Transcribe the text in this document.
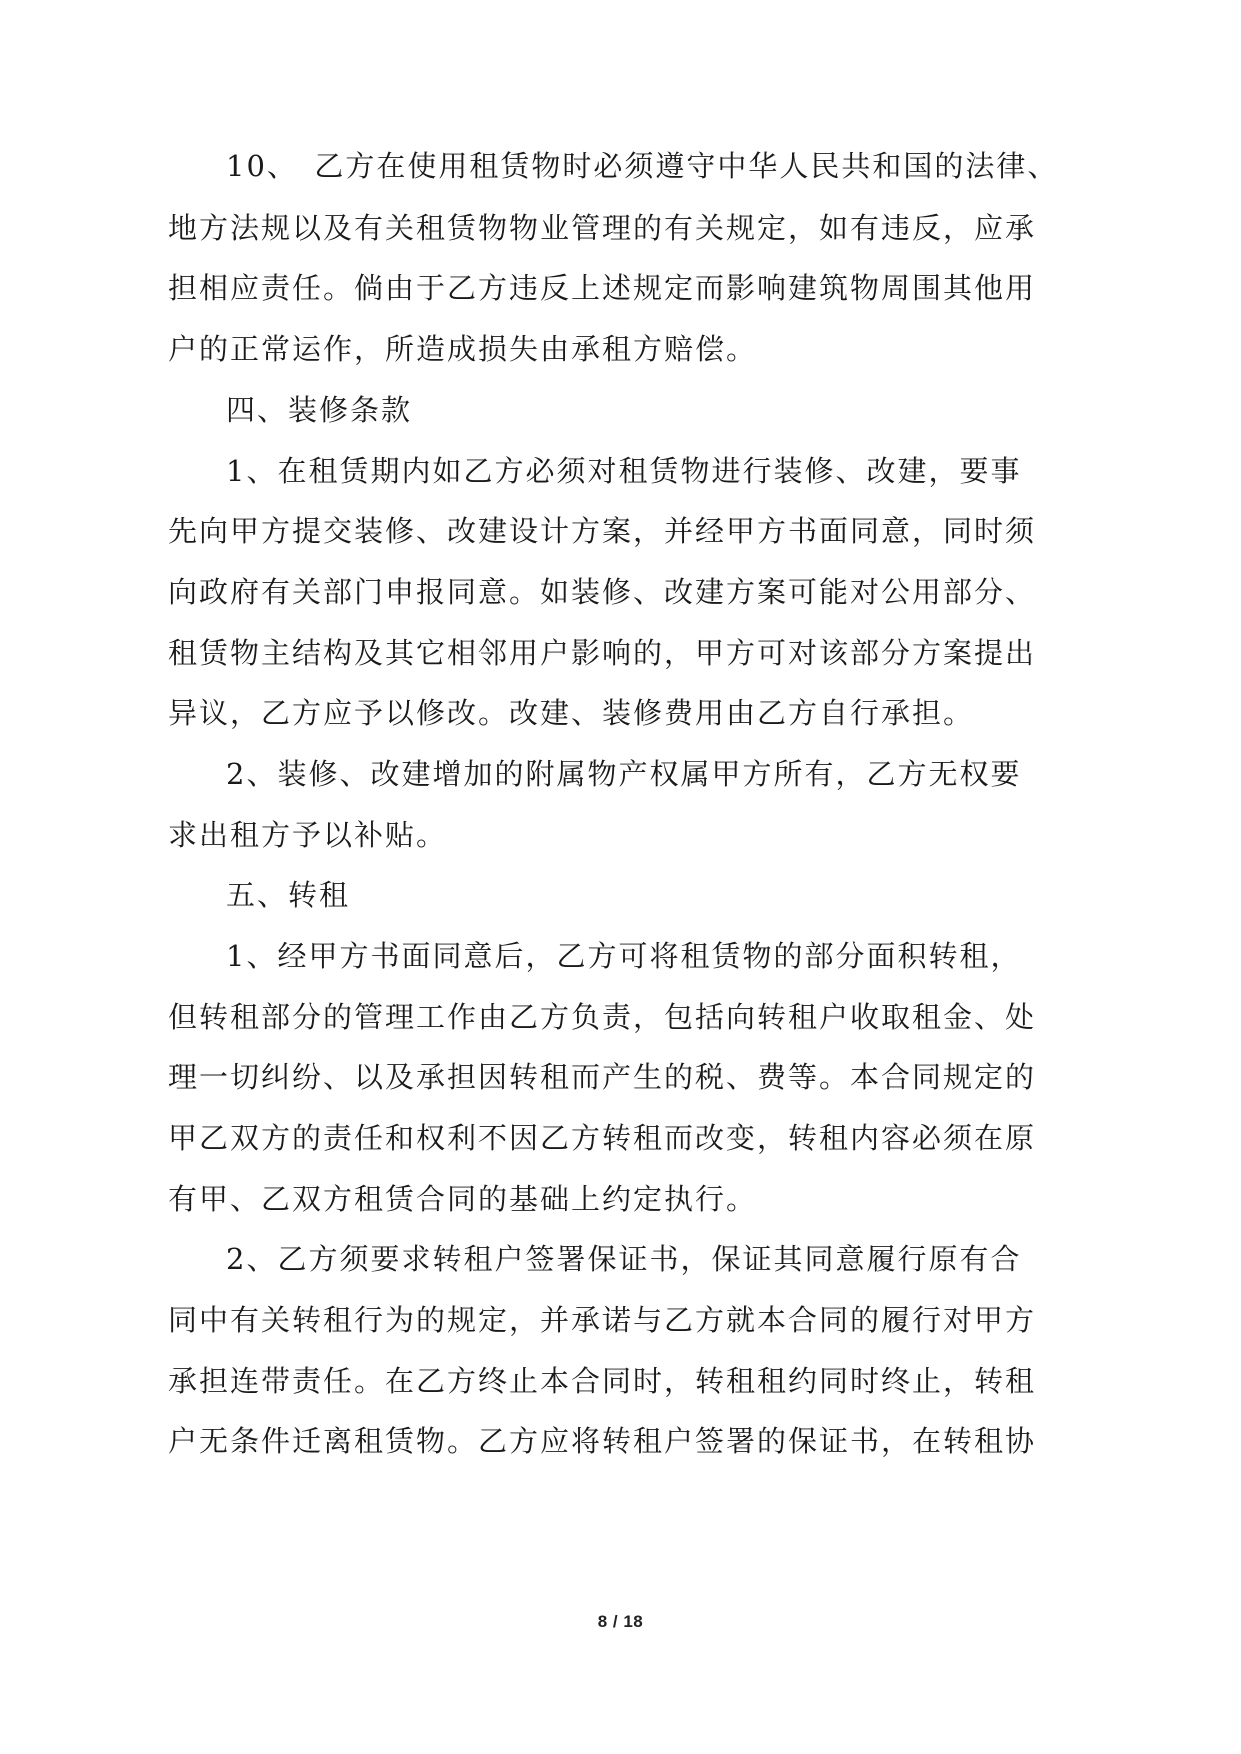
10、　乙方在使用租赁物时必须遵守中华人民共和国的法律、
地方法规以及有关租赁物物业管理的有关规定，如有违反，应承
担相应责任。倘由于乙方违反上述规定而影响建筑物周围其他用
户的正常运作，所造成损失由承租方赔偿。
四、装修条款
1、在租赁期内如乙方必须对租赁物进行装修、改建，要事
先向甲方提交装修、改建设计方案，并经甲方书面同意，同时须
向政府有关部门申报同意。如装修、改建方案可能对公用部分、
租赁物主结构及其它相邻用户影响的，甲方可对该部分方案提出
异议，乙方应予以修改。改建、装修费用由乙方自行承担。
2、装修、改建增加的附属物产权属甲方所有，乙方无权要
求出租方予以补贴。
五、转租
1、经甲方书面同意后，乙方可将租赁物的部分面积转租，
但转租部分的管理工作由乙方负责，包括向转租户收取租金、处
理一切纠纷、以及承担因转租而产生的税、费等。本合同规定的
甲乙双方的责任和权利不因乙方转租而改变，转租内容必须在原
有甲、乙双方租赁合同的基础上约定执行。
2、乙方须要求转租户签署保证书，保证其同意履行原有合
同中有关转租行为的规定，并承诺与乙方就本合同的履行对甲方
承担连带责任。在乙方终止本合同时，转租租约同时终止，转租
户无条件迁离租赁物。乙方应将转租户签署的保证书，在转租协
8 / 18
